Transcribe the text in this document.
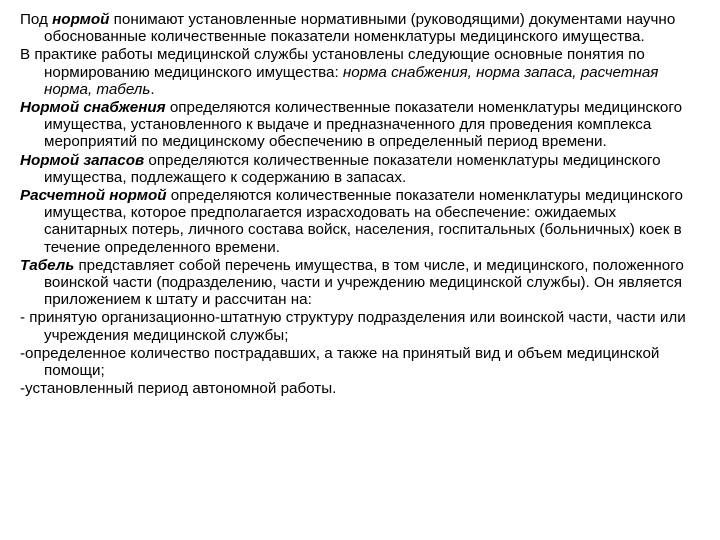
Под нормой понимают установленные нормативными (руководящими) документами научно обоснованные количественные показатели номенклатуры медицинского имущества.

В практике работы медицинской службы установлены следующие основные понятия по нормированию медицинского имущества: норма снабжения, норма запаса, расчетная норма, табель.

Нормой снабжения определяются количественные показатели номенклатуры медицинского имущества, установленного к выдаче и предназначенного для проведения комплекса мероприятий по медицинскому обеспечению в определенный период времени.

Нормой запасов определяются количественные показатели номенклатуры медицинского имущества, подлежащего к содержанию в запасах.

Расчетной нормой определяются количественные показатели номенклатуры медицинского имущества, которое предполагается израсходовать на обеспечение: ожидаемых санитарных потерь, личного состава войск, населения, госпитальных (больничных) коек в течение определенного времени.

Табель представляет собой перечень имущества, в том числе, и медицинского, положенного воинской части (подразделению, части и учреждению медицинской службы). Он является приложением к штату и рассчитан на:

- принятую организационно-штатную структуру подразделения или воинской части, части или учреждения медицинской службы;

-определенное количество пострадавших, а также на принятый вид и объем медицинской помощи;

-установленный период автономной работы.
